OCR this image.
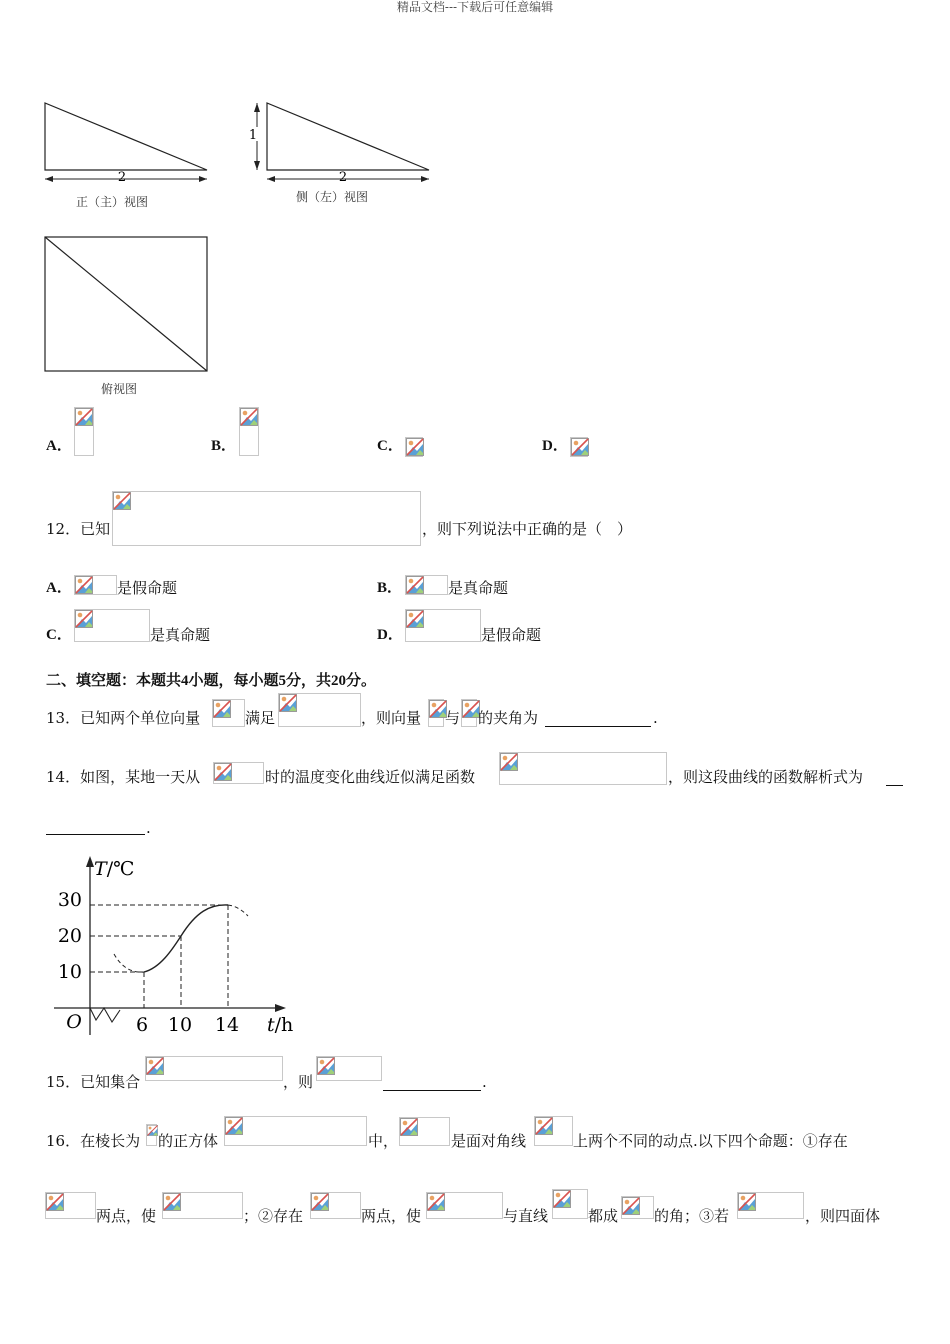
精品文档---下载后可任意编辑
2
正（主）视图
1
2
侧（左）视图
俯视图
A．	B．	C．	D．
12．已知	，则下列说法中正确的是（　）
A．	是假命题	B．	是真命题
C．	是真命题	D．	是假命题
二、填空题：本题共4小题，每小题5分，共20分。
13．已知两个单位向量	满足	，则向量 与 的夹角为	.
14．如图，某地一天从	时的温度变化曲线近似满足函数	，则这段曲线的函数解析式为
.
T/℃
30
20
10
O	6 10 14 t/h
15．已知集合	，则	.
16．在棱长为 的正方体	中，	是面对角线	上两个不同的动点.以下四个命题：①存在
两点，使	；②存在	两点，使	与直线	都成 的角；③若	，则四面体
